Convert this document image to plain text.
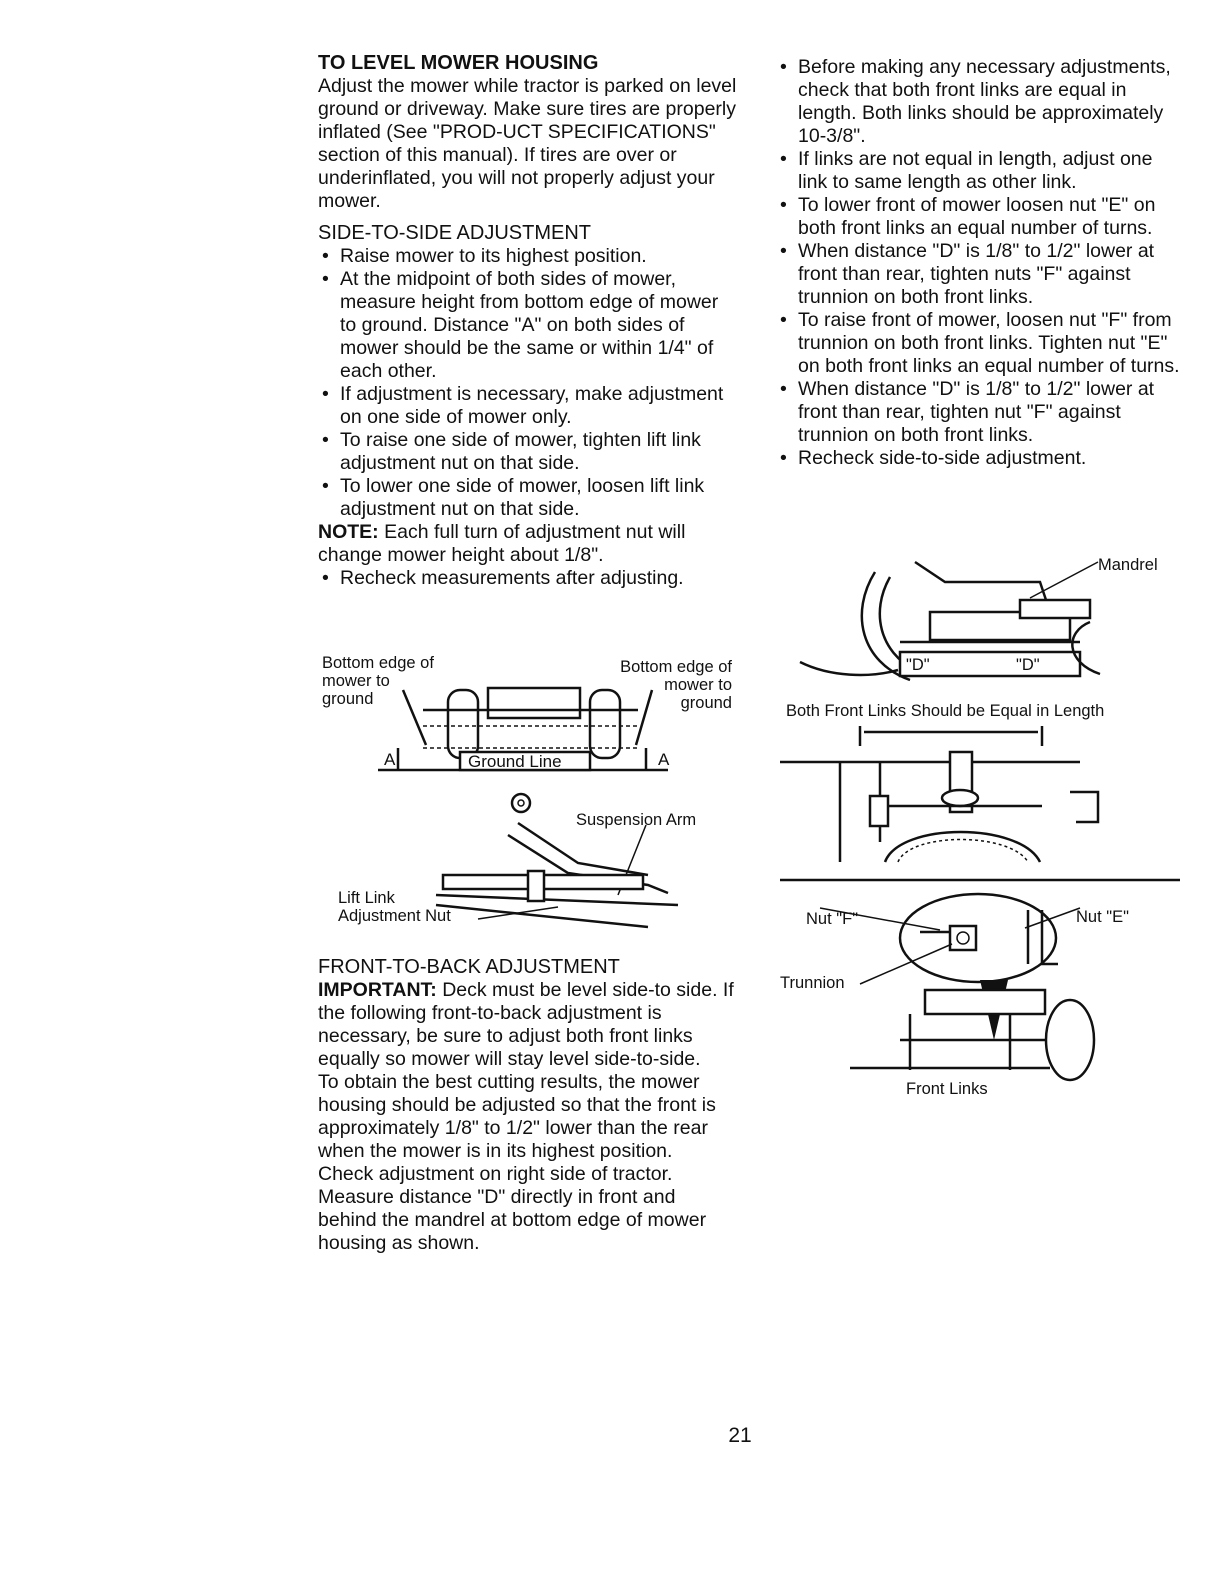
TO LEVEL MOWER HOUSING

Adjust the mower while tractor is parked on level ground or driveway. Make sure tires are properly inflated (See "PROD-UCT SPECIFICATIONS" section of this manual). If tires are over or underinflated, you will not properly adjust your mower.

SIDE-TO-SIDE ADJUSTMENT

• Raise mower to its highest position.
• At the midpoint of both sides of mower, measure height from bottom edge of mower to ground. Distance "A" on both sides of mower should be the same or within 1/4" of each other.
• If adjustment is necessary, make adjustment on one side of mower only.
• To raise one side of mower, tighten lift link adjustment nut on that side.
• To lower one side of mower, loosen lift link adjustment nut on that side.

NOTE: Each full turn of adjustment nut will change mower height about 1/8".

• Recheck measurements after adjusting.
Bottom edge of
mower to
ground
Bottom edge of
mower to
ground
Ground Line
A	A
Suspension Arm
Lift Link
Adjustment Nut

FRONT-TO-BACK ADJUSTMENT

IMPORTANT: Deck must be level side-to side. If the following front-to-back adjustment is necessary, be sure to adjust both front links equally so mower will stay level side-to-side.

To obtain the best cutting results, the mower housing should be adjusted so that the front is approximately 1/8" to 1/2" lower than the rear when the mower is in its highest position.

Check adjustment on right side of tractor. Measure distance "D" directly in front and behind the mandrel at bottom edge of mower housing as shown.

• Before making any necessary adjustments, check that both front links are equal in length. Both links should be approximately 10-3/8".
• If links are not equal in length, adjust one link to same length as other link.
• To lower front of mower loosen nut "E" on both front links an equal number of turns.
• When distance "D" is 1/8" to 1/2" lower at front than rear, tighten nuts "F" against trunnion on both front links.
• To raise front of mower, loosen nut "F" from trunnion on both front links. Tighten nut "E" on both front links an equal number of turns.
• When distance "D" is 1/8" to 1/2" lower at front than rear, tighten nut "F" against trunnion on both front links.
• Recheck side-to-side adjustment.
Mandrel
"D"	"D"
Both Front Links Should be Equal in Length
Nut "F"	Nut "E"
Trunnion
Front Links
21
